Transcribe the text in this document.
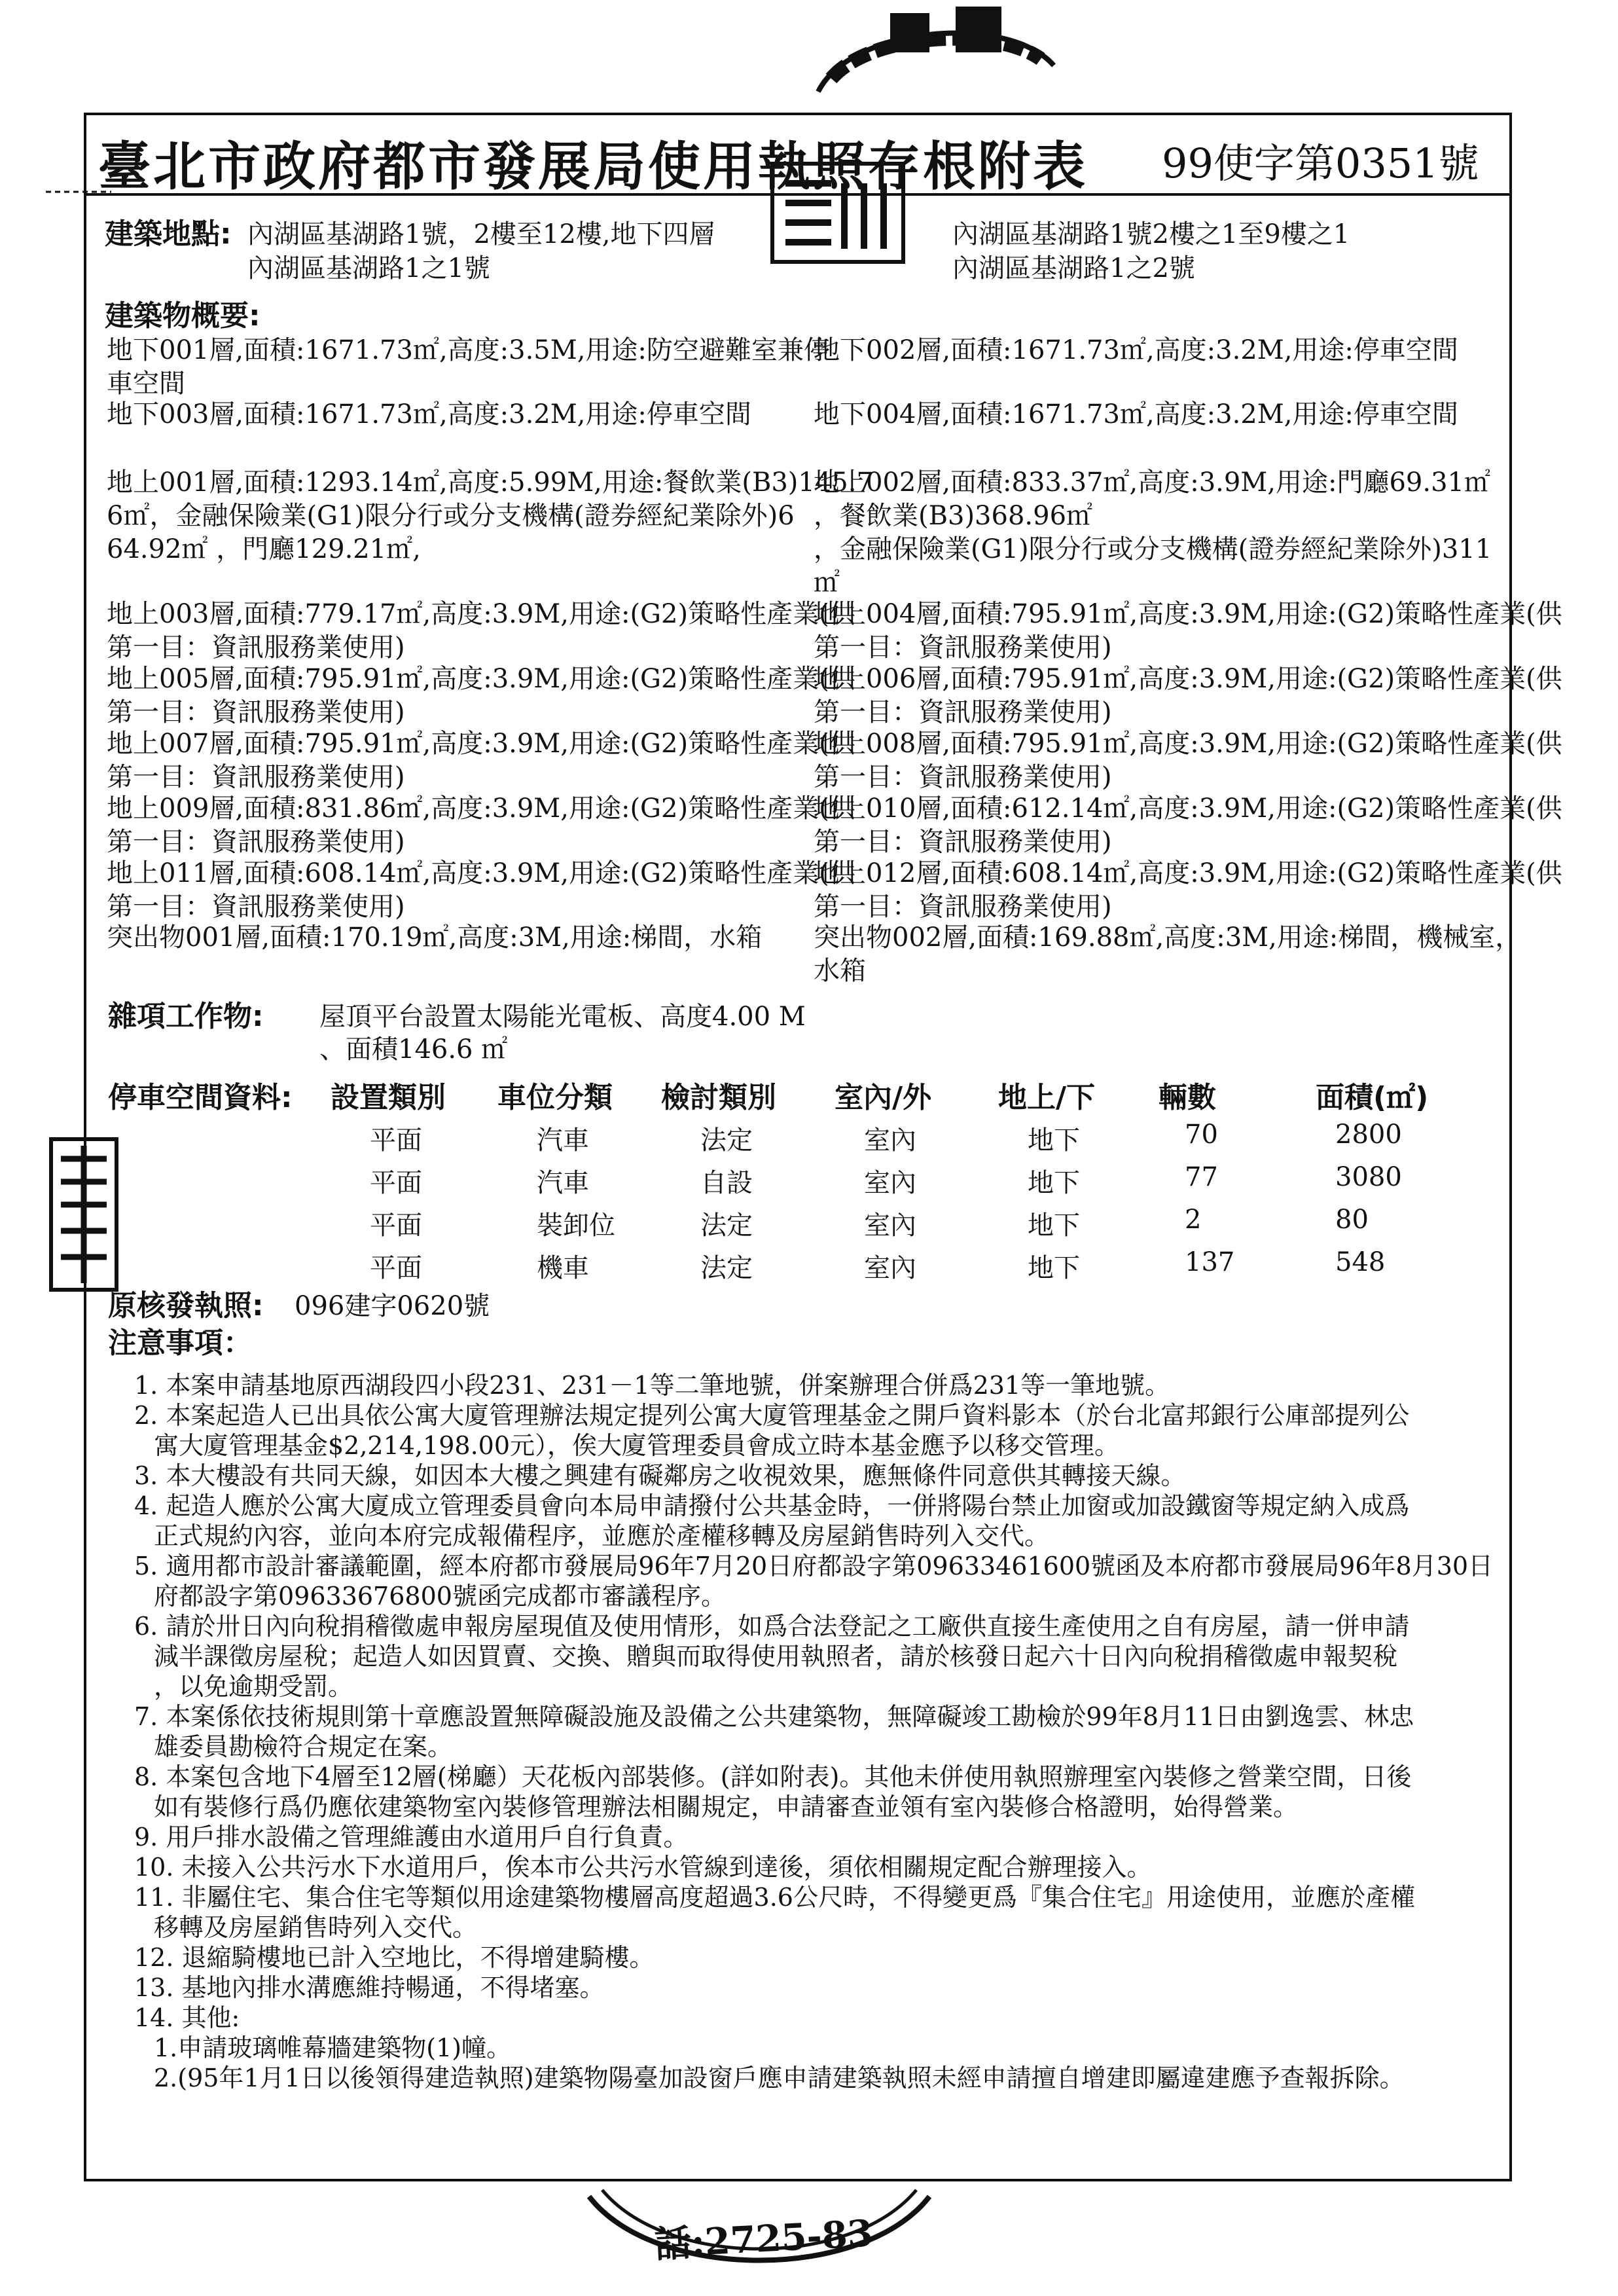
臺北市政府都市發展局使用執照存根附表 99使字第0351號
建築地點: 內湖區基湖路1號，2樓至12樓,地下四層
內湖區基湖路1之1號
內湖區基湖路1號2樓之1至9樓之1
內湖區基湖路1之2號
建築物概要:
地下001層,面積:1671.73㎡,高度:3.5M,用途:防空避難室兼停
車空間
地下003層,面積:1671.73㎡,高度:3.2M,用途:停車空間
地上001層,面積:1293.14㎡,高度:5.99M,用途:餐飲業(B3)145.7
6㎡，金融保險業(G1)限分行或分支機構(證券經紀業除外)6
64.92㎡ ，門廳129.21㎡,
地上003層,面積:779.17㎡,高度:3.9M,用途:(G2)策略性產業(供
第一目：資訊服務業使用)
地上005層,面積:795.91㎡,高度:3.9M,用途:(G2)策略性產業(供
第一目：資訊服務業使用)
地上007層,面積:795.91㎡,高度:3.9M,用途:(G2)策略性產業(供
第一目：資訊服務業使用)
地上009層,面積:831.86㎡,高度:3.9M,用途:(G2)策略性產業(供
第一目：資訊服務業使用)
地上011層,面積:608.14㎡,高度:3.9M,用途:(G2)策略性產業(供
第一目：資訊服務業使用)
突出物001層,面積:170.19㎡,高度:3M,用途:梯間，水箱
地下002層,面積:1671.73㎡,高度:3.2M,用途:停車空間
地下004層,面積:1671.73㎡,高度:3.2M,用途:停車空間
地上002層,面積:833.37㎡,高度:3.9M,用途:門廳69.31㎡
，餐飲業(B3)368.96㎡
，金融保險業(G1)限分行或分支機構(證券經紀業除外)311
㎡
地上004層,面積:795.91㎡,高度:3.9M,用途:(G2)策略性產業(供
第一目：資訊服務業使用)
地上006層,面積:795.91㎡,高度:3.9M,用途:(G2)策略性產業(供
第一目：資訊服務業使用)
地上008層,面積:795.91㎡,高度:3.9M,用途:(G2)策略性產業(供
第一目：資訊服務業使用)
地上010層,面積:612.14㎡,高度:3.9M,用途:(G2)策略性產業(供
第一目：資訊服務業使用)
地上012層,面積:608.14㎡,高度:3.9M,用途:(G2)策略性產業(供
第一目：資訊服務業使用)
突出物002層,面積:169.88㎡,高度:3M,用途:梯間，機械室，
水箱
雜項工作物: 屋頂平台設置太陽能光電板、高度4.00 M
、面積146.6 ㎡
停車空間資料: 設置類別 車位分類 檢討類別 室內/外 地上/下 輛數	面積(㎡)
平面	汽車	法定	室內	地下	70	2800
平面	汽車	自設	室內	地下	77	3080
平面	裝卸位	法定	室內	地下	2	80
平面	機車	法定	室內	地下	137	548
原核發執照: 096建字0620號
注意事項：
1. 本案申請基地原西湖段四小段231、231－1等二筆地號，併案辦理合併爲231等一筆地號。
2. 本案起造人已出具依公寓大廈管理辦法規定提列公寓大廈管理基金之開戶資料影本（於台北富邦銀行公庫部提列公
寓大廈管理基金$2,214,198.00元），俟大廈管理委員會成立時本基金應予以移交管理。
3. 本大樓設有共同天線，如因本大樓之興建有礙鄰房之收視效果，應無條件同意供其轉接天線。
4. 起造人應於公寓大廈成立管理委員會向本局申請撥付公共基金時，一併將陽台禁止加窗或加設鐵窗等規定納入成爲
正式規約內容，並向本府完成報備程序，並應於產權移轉及房屋銷售時列入交代。
5. 適用都市設計審議範圍，經本府都市發展局96年7月20日府都設字第09633461600號函及本府都市發展局96年8月30日
府都設字第09633676800號函完成都市審議程序。
6. 請於卅日內向稅捐稽徵處申報房屋現值及使用情形，如爲合法登記之工廠供直接生產使用之自有房屋，請一併申請
減半課徵房屋稅；起造人如因買賣、交換、贈與而取得使用執照者，請於核發日起六十日內向稅捐稽徵處申報契稅
，以免逾期受罰。
7. 本案係依技術規則第十章應設置無障礙設施及設備之公共建築物，無障礙竣工勘檢於99年8月11日由劉逸雲、林忠
雄委員勘檢符合規定在案。
8. 本案包含地下4層至12層(梯廳）天花板內部裝修。(詳如附表)。其他未併使用執照辦理室內裝修之營業空間，日後
如有裝修行爲仍應依建築物室內裝修管理辦法相關規定，申請審查並領有室內裝修合格證明，始得營業。
9. 用戶排水設備之管理維護由水道用戶自行負責。
10. 未接入公共污水下水道用戶，俟本市公共污水管線到達後，須依相關規定配合辦理接入。
11. 非屬住宅、集合住宅等類似用途建築物樓層高度超過3.6公尺時，不得變更爲『集合住宅』用途使用，並應於產權
移轉及房屋銷售時列入交代。
12. 退縮騎樓地已計入空地比，不得增建騎樓。
13. 基地內排水溝應維持暢通，不得堵塞。
14. 其他:
1.申請玻璃帷幕牆建築物(1)幢。
2.(95年1月1日以後領得建造執照)建築物陽臺加設窗戶應申請建築執照未經申請擅自增建即屬違建應予查報拆除。
話:2725-83
